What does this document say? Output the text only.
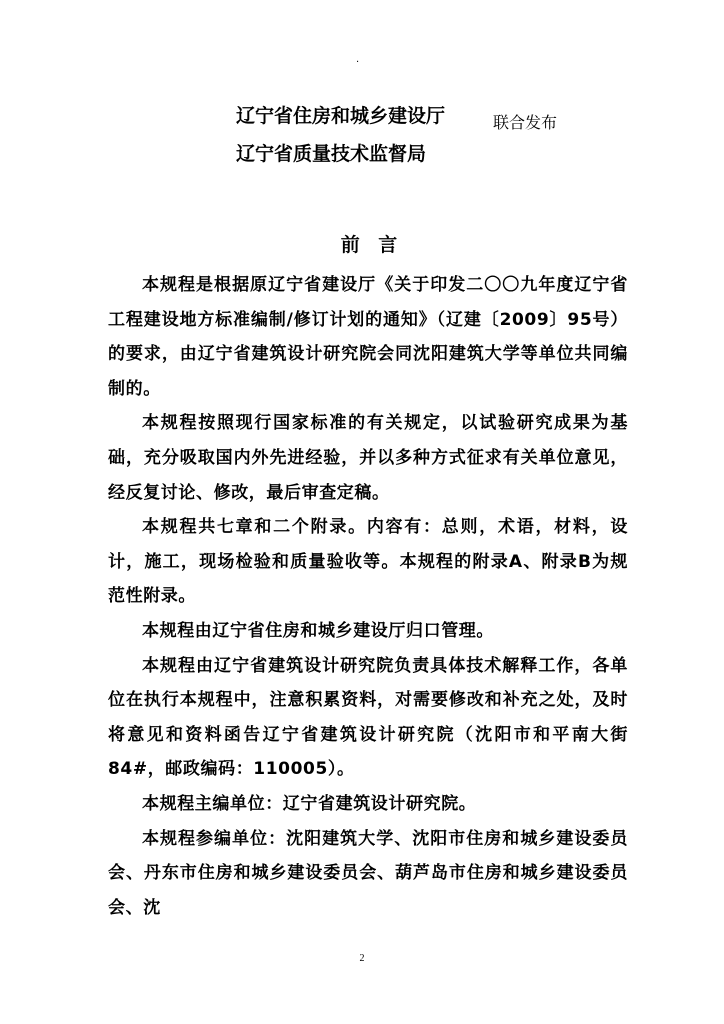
·
辽宁省住房和城乡建设厅
辽宁省质量技术监督局
联合发布
前 言

本规程是根据原辽宁省建设厅《关于印发二〇〇九年度辽宁省工程建设地方标准编制/修订计划的通知》（辽建〔2009〕95号）的要求，由辽宁省建筑设计研究院会同沈阳建筑大学等单位共同编制的。

本规程按照现行国家标准的有关规定，以试验研究成果为基础，充分吸取国内外先进经验，并以多种方式征求有关单位意见，经反复讨论、修改，最后审查定稿。

本规程共七章和二个附录。内容有：总则，术语，材料，设计，施工，现场检验和质量验收等。本规程的附录A、附录B为规范性附录。

本规程由辽宁省住房和城乡建设厅归口管理。

本规程由辽宁省建筑设计研究院负责具体技术解释工作，各单位在执行本规程中，注意积累资料，对需要修改和补充之处，及时将意见和资料函告辽宁省建筑设计研究院（沈阳市和平南大街84#，邮政编码：110005）。

本规程主编单位：辽宁省建筑设计研究院。

本规程参编单位：沈阳建筑大学、沈阳市住房和城乡建设委员会、丹东市住房和城乡建设委员会、葫芦岛市住房和城乡建设委员会、沈

2
